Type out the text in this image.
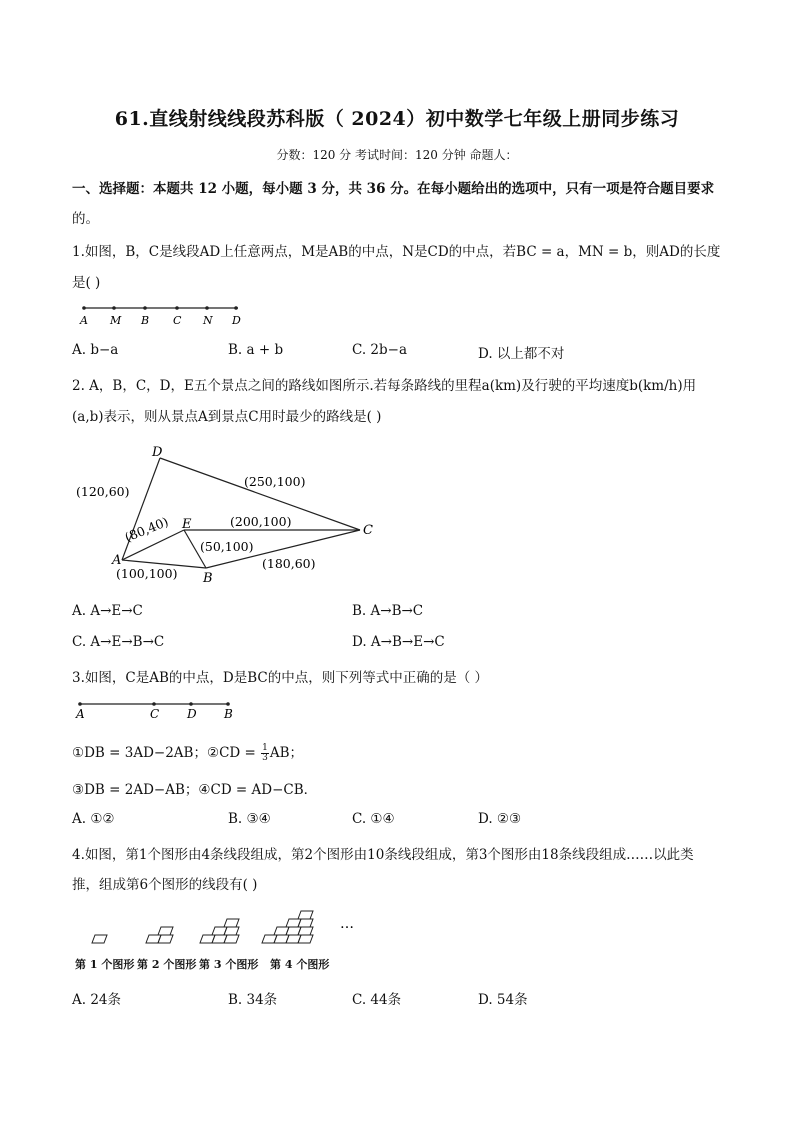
61.直线射线线段苏科版（ 2024）初中数学七年级上册同步练习
分数：120 分 考试时间：120 分钟 命题人：
一、选择题：本题共 12 小题，每小题 3 分，共 36 分。在每小题给出的选项中，只有一项是符合题目要求
的。
1.如图，B，C是线段AD上任意两点，M是AB的中点，N是CD的中点，若BC = a，MN = b，则AD的长度
是( )
A M B C N D
A. b−a	B. a + b	C. 2b−a	D. 以上都不对
2. A，B，C，D，E五个景点之间的路线如图所示.若每条路线的里程a(km)及行驶的平均速度b(km/h)用
(a,b)表示，则从景点A到景点C用时最少的路线是( )
D
E
A
B
C
(120,60)
(250,100)
(80,40)	(200,100)
(50,100)
(100,100)
(180,60)
A. A→E→C	B. A→B→C
C. A→E→B→C	D. A→B→E→C
3.如图，C是AB的中点，D是BC的中点，则下列等式中正确的是（ ）
A	C D B
①DB = 3AD−2AB；②CD = $\frac{1}{3}$ AB；
③DB = 2AD−AB；④CD = AD−CB．
A. ①②	B. ③④	C. ①④	D. ②③
4.如图，第1个图形由4条线段组成，第2个图形由10条线段组成，第3个图形由18条线段组成……以此类
推，组成第6个图形的线段有( )
…
第 1 个图形 第 2 个图形 第 3 个图形 第 4 个图形
A. 24条	B. 34条	C. 44条	D. 54条
